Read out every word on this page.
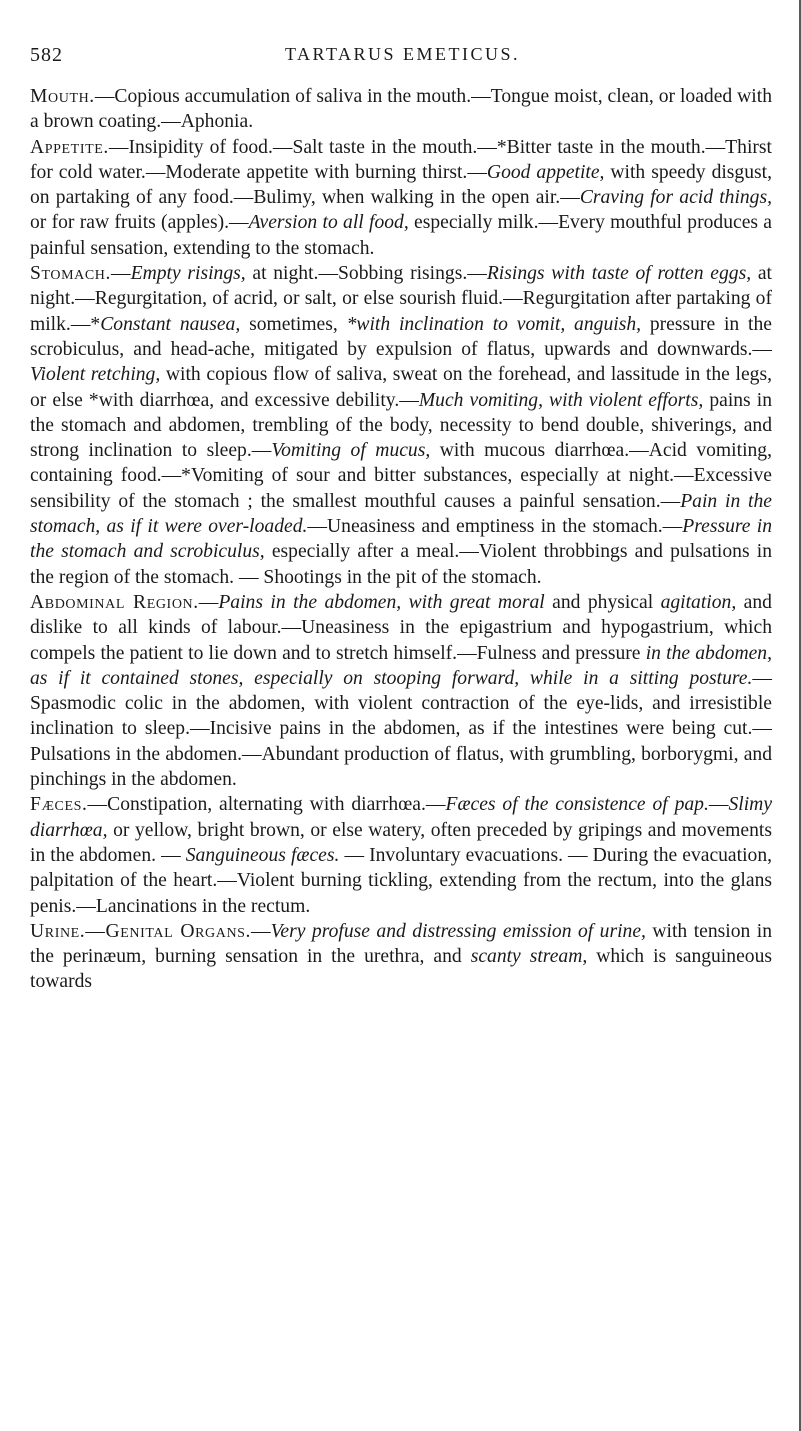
582	TARTARUS EMETICUS.

Mouth.—Copious accumulation of saliva in the mouth.—Tongue moist, clean, or loaded with a brown coating.—Aphonia.

Appetite.—Insipidity of food.—Salt taste in the mouth.—*Bitter taste in the mouth.—Thirst for cold water.—Moderate appetite with burning thirst.—Good appetite, with speedy disgust, on partaking of any food.—Bulimy, when walking in the open air.—Craving for acid things, or for raw fruits (apples).—Aversion to all food, especially milk.—Every mouthful produces a painful sensation, extending to the stomach.

Stomach.—Empty risings, at night.—Sobbing risings.—Risings with taste of rotten eggs, at night.—Regurgitation, of acrid, or salt, or else sourish fluid.—Regurgitation after partaking of milk.—*Constant nausea, sometimes, *with inclination to vomit, anguish, pressure in the scrobiculus, and head-ache, mitigated by expulsion of flatus, upwards and downwards.—Violent retching, with copious flow of saliva, sweat on the forehead, and lassitude in the legs, or else *with diarrhœa, and excessive debility.—Much vomiting, with violent efforts, pains in the stomach and abdomen, trembling of the body, necessity to bend double, shiverings, and strong inclination to sleep.—Vomiting of mucus, with mucous diarrhœa.—Acid vomiting, containing food.—*Vomiting of sour and bitter substances, especially at night.—Excessive sensibility of the stomach ; the smallest mouthful causes a painful sensation.—Pain in the stomach, as if it were over-loaded.—Uneasiness and emptiness in the stomach.—Pressure in the stomach and scrobiculus, especially after a meal.—Violent throbbings and pulsations in the region of the stomach. — Shootings in the pit of the stomach.

Abdominal Region.—Pains in the abdomen, with great moral and physical agitation, and dislike to all kinds of labour.—Uneasiness in the epigastrium and hypogastrium, which compels the patient to lie down and to stretch himself.—Fulness and pressure in the abdomen, as if it contained stones, especially on stooping forward, while in a sitting posture.—Spasmodic colic in the abdomen, with violent contraction of the eye-lids, and irresistible inclination to sleep.—Incisive pains in the abdomen, as if the intestines were being cut.—Pulsations in the abdomen.—Abundant production of flatus, with grumbling, borborygmi, and pinchings in the abdomen.

Fæces.—Constipation, alternating with diarrhœa.—Fæces of the consistence of pap.—Slimy diarrhœa, or yellow, bright brown, or else watery, often preceded by gripings and movements in the abdomen. — Sanguineous fæces. — Involuntary evacuations. — During the evacuation, palpitation of the heart.—Violent burning tickling, extending from the rectum, into the glans penis.—Lancinations in the rectum.

Urine.—Genital Organs.—Very profuse and distressing emission of urine, with tension in the perinæum, burning sensation in the urethra, and scanty stream, which is sanguineous towards
